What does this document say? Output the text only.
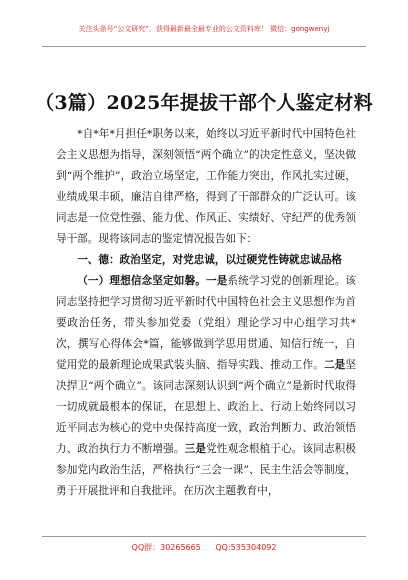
关注头条号“公文研究”，获得最新最全最专业的公文资料库！ 微信：gongwenyj
（3篇）2025年提拔干部个人鉴定材料

*自*年*月担任*职务以来，始终以习近平新时代中国特色社会主义思想为指导，深刻领悟“两个确立”的决定性意义，坚决做到“两个维护”，政治立场坚定，工作能力突出，作风扎实过硬，业绩成果丰硕，廉洁自律严格，得到了干部群众的广泛认可。该同志是一位党性强、能力优、作风正、实绩好、守纪严的优秀领导干部。现将该同志的鉴定情况报告如下：

一、德：政治坚定，对党忠诚，以过硬党性铸就忠诚品格

（一）理想信念坚定如磐。一是系统学习党的创新理论。该同志坚持把学习贯彻习近平新时代中国特色社会主义思想作为首要政治任务，带头参加党委（党组）理论学习中心组学习共*次，撰写心得体会*篇，能够做到学思用贯通、知信行统一，自觉用党的最新理论成果武装头脑、指导实践、推动工作。二是坚决捍卫“两个确立”。该同志深刻认识到“两个确立”是新时代取得一切成就最根本的保证，在思想上、政治上、行动上始终同以习近平同志为核心的党中央保持高度一致，政治判断力、政治领悟力、政治执行力不断增强。三是党性观念根植于心。该同志积极参加党内政治生活，严格执行“三会一课”、民主生活会等制度，勇于开展批评和自我批评。在历次主题教育中，

QQ群：30265665 QQ:535304092
